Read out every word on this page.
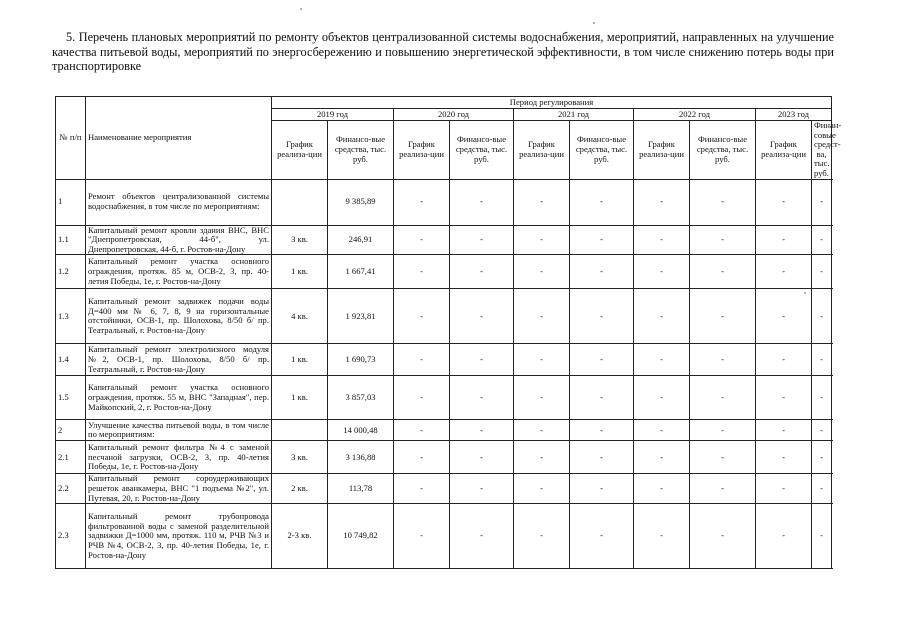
5. Перечень плановых мероприятий по ремонту объектов централизованной системы водоснабжения, мероприятий, направленных на улучшение качества питьевой воды, мероприятий по энергосбережению и повышению энергетической эффективности, в том числе снижению потерь воды при транспортировке
№ п/п	Наименование мероприятия	Период регулирования									
		2019 год		2020 год		2021 год		2022 год		2023 год	
		График реализа-ции	Финансо-вые средства, тыс. руб.	График реализа-ции	Финансо-вые средства, тыс. руб.	График реализа-ции	Финансо-вые средства, тыс. руб.	График реализа-ции	Финансо-вые средства, тыс. руб.	График реализа-ции	Финан-совые средст-ва, тыс. руб.
1	Ремонт объектов централизованной системы водоснабжения, в том числе по мероприятиям:		9 385,89	-	-	-	-	-	-	-	-
1.1	Капитальный ремонт кровли здания ВНС, ВНС "Днепропетровская, 44-б", ул. Днепропетровская, 44-б, г. Ростов-на-Дону	3 кв.	246,91	-	-	-	-	-	-	-	-
1.2	Капитальный ремонт участка основного ограждения, протяж. 85 м, ОСВ-2, 3, пр. 40-летия Победы, 1е, г. Ростов-на-Дону	1 кв.	1 667,41	-	-	-	-	-	-	-	-
1.3	Капитальный ремонт задвижек подачи воды Д=400 мм № 6, 7, 8, 9 на горизонтальные отстойники, ОСВ-1, пр. Шолохова, 8/50 б/ пр. Театральный, г. Ростов-на-Дону	4 кв.	1 923,81	-	-	-	-	-	-	-	-
1.4	Капитальный ремонт электролизного модуля №2, ОСВ-1, пр. Шолохова, 8/50 б/ пр. Театральный, г. Ростов-на-Дону	1 кв.	1 690,73	-	-	-	-	-	-	-	-
1.5	Капитальный ремонт участка основного ограждения, протяж. 55 м, ВНС "Западная", пер. Майкопский, 2, г. Ростов-на-Дону	1 кв.	3 857,03	-	-	-	-	-	-	-	-
2	Улучшение качества питьевой воды, в том числе по мероприятиям:		14 000,48	-	-	-	-	-	-	-	-
2.1	Капитальный ремонт фильтра №4 с заменой песчаной загрузки, ОСВ-2, 3, пр. 40-летия Победы, 1е, г. Ростов-на-Дону	3 кв.	3 136,88	-	-	-	-	-	-	-	-
2.2	Капитальный ремонт сороудерживающих решеток аванкамеры, ВНС "1 подъема №2", ул. Путевая, 20, г. Ростов-на-Дону	2 кв.	113,78	-	-	-	-	-	-	-	-
2.3	Капитальный ремонт трубопровода фильтрованной воды с заменой разделительной задвижки Д=1000 мм, протяж. 110 м, РЧВ №3 и РЧВ №4, ОСВ-2, 3, пр. 40-летия Победы, 1е, г. Ростов-на-Дону	2-3 кв.	10 749,82	-	-	-	-	-	-	-	-
